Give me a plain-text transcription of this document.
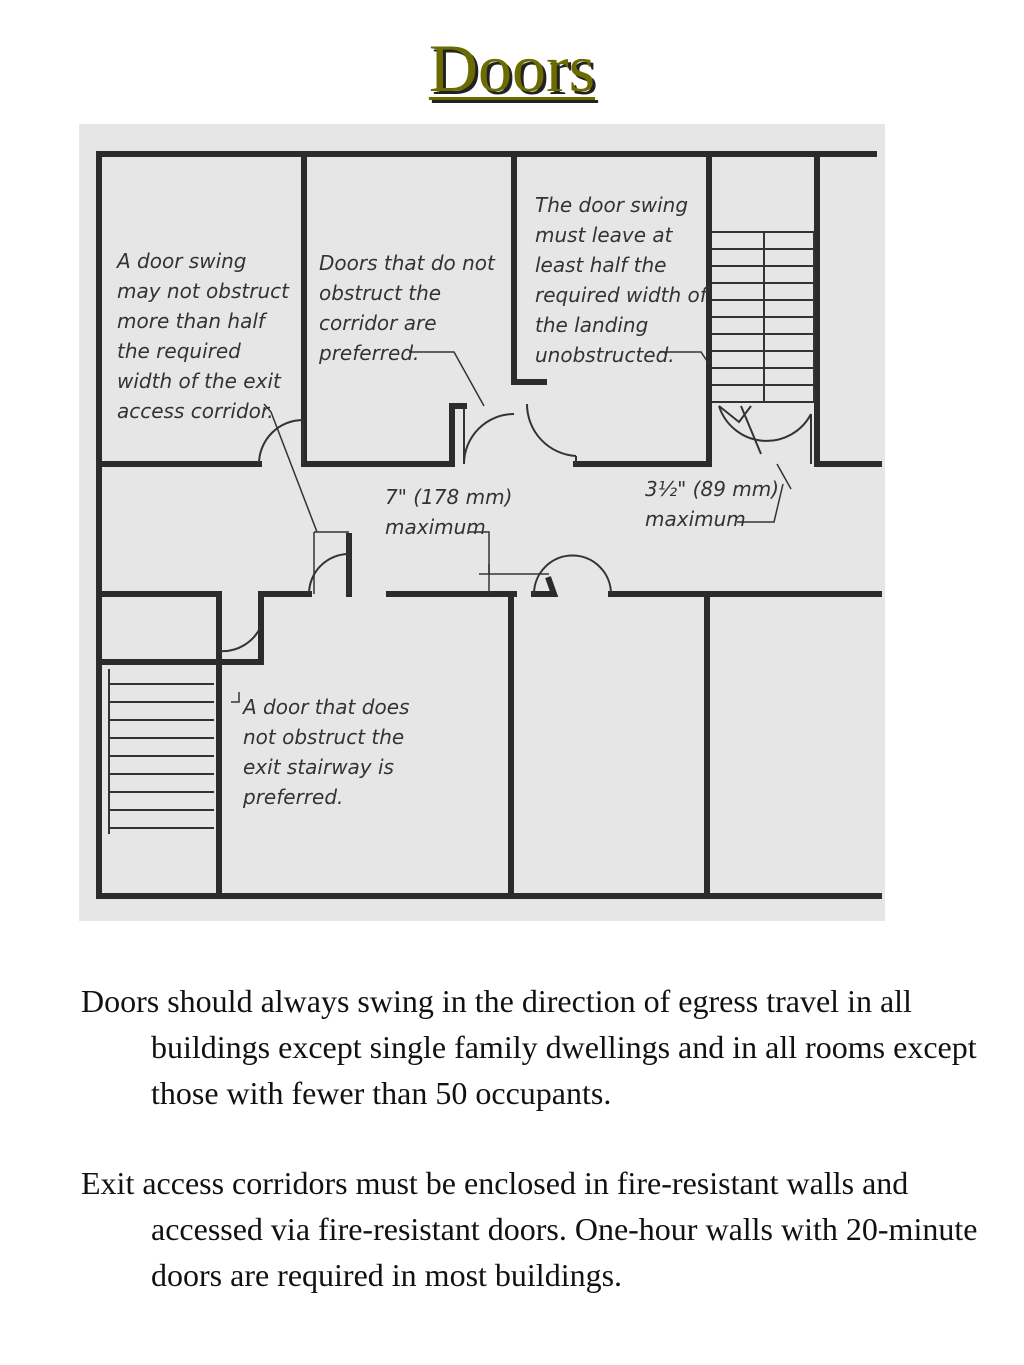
Doors
A door swing
may not obstruct
more than half
the required
width of the exit
access corridor.
Doors that do not
obstruct the
corridor are
preferred.
The door swing
must leave at
least half the
required width of
the landing
unobstructed.
7" (178 mm)
maximum
3½" (89 mm)
maximum
A door that does
not obstruct the
exit stairway is
preferred.

Doors should always swing in the direction of egress travel in all buildings except single family dwellings and in all rooms except those with fewer than 50 occupants.

Exit access corridors must be enclosed in fire-resistant walls and accessed via fire-resistant doors. One-hour walls with 20-minute doors are required in most buildings.
